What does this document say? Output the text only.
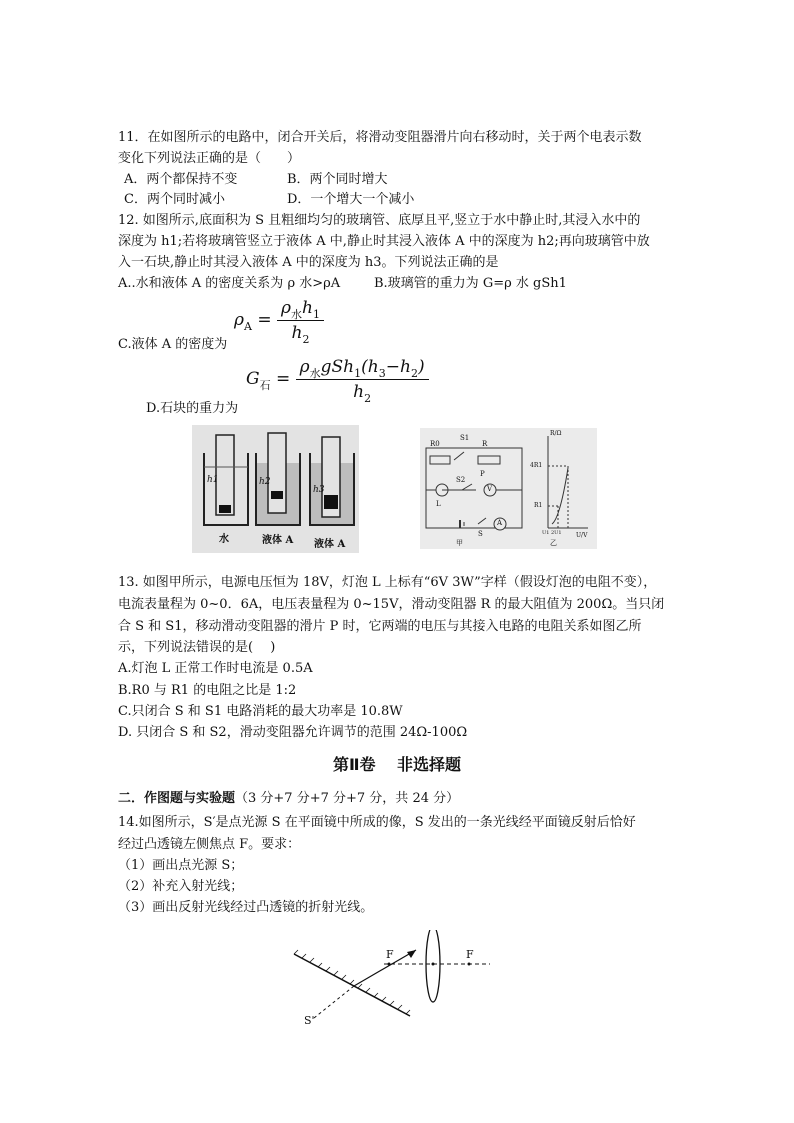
11．在如图所示的电路中，闭合开关后，将滑动变阻器滑片向右移动时，关于两个电表示数
变化下列说法正确的是（　　）
A．两个都保持不变	B．两个同时增大
C．两个同时减小	D．一个增大一个减小
12. 如图所示,底面积为 S 且粗细均匀的玻璃管、底厚且平,竖立于水中静止时,其浸入水中的
深度为 h1;若将玻璃管竖立于液体 A 中,静止时其浸入液体 A 中的深度为 h2;再向玻璃管中放
入一石块,静止时其浸入液体 A 中的深度为 h3。下列说法正确的是
A..水和液体 A 的密度关系为 ρ 水>ρA	B.玻璃管的重力为 G=ρ 水 gSh1
$\rho_A = \frac{\rho_水h_1}{h_2}$
C.液体 A 的密度为
$G_石 = \frac{\rho_水gSh_1(h_3-h_2)}{h_2}$
D.石块的重力为
h1	h2
h3
水	液体 A 液体 A
R0
S1
R
P
S2
V
L
A
S
甲
R/Ω
4R1
R1
U/V
U1 2U1
乙
13. 如图甲所示，电源电压恒为 18V，灯泡 L 上标有“6V 3W”字样（假设灯泡的电阻不变），
电流表量程为 0~0．6A，电压表量程为 0~15V，滑动变阻器 R 的最大阻值为 200Ω。当只闭
合 S 和 S1，移动滑动变阻器的滑片 P 时，它两端的电压与其接入电路的电阻关系如图乙所
示，下列说法错误的是(　 )
A.灯泡 L 正常工作时电流是 0.5A
B.R0 与 R1 的电阻之比是 1:2
C.只闭合 S 和 S1 电路消耗的最大功率是 10.8W
D. 只闭合 S 和 S2，滑动变阻器允许调节的范围 24Ω-100Ω
第Ⅱ卷　 非选择题
二．作图题与实验题（3 分+7 分+7 分+7 分，共 24 分）
14.如图所示，S′是点光源 S 在平面镜中所成的像，S 发出的一条光线经平面镜反射后恰好
经过凸透镜左侧焦点 F。要求：
（1）画出点光源 S；
（2）补充入射光线；
（3）画出反射光线经过凸透镜的折射光线。
F	F
S'
